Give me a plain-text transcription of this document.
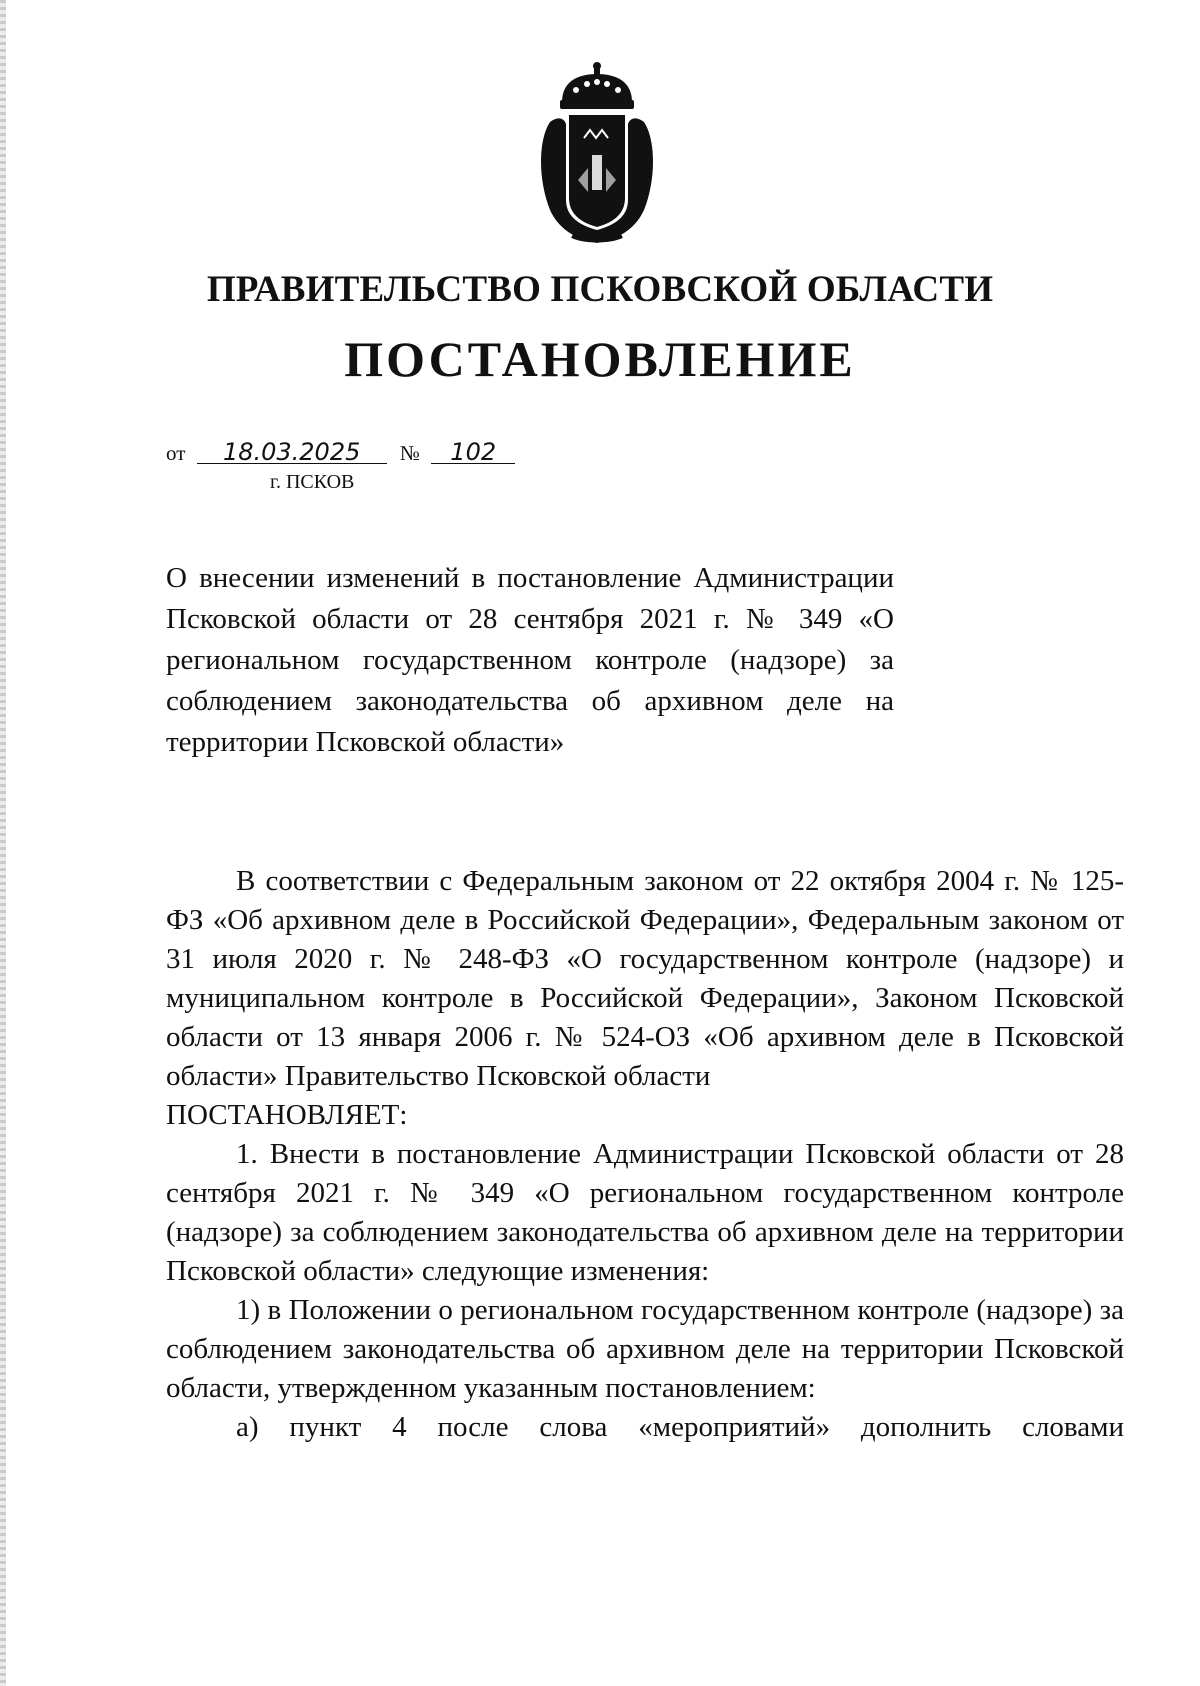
ПРАВИТЕЛЬСТВО ПСКОВСКОЙ ОБЛАСТИ
ПОСТАНОВЛЕНИЕ
от 18.03.2025 № 102
г. ПСКОВ
О внесении изменений в постановление Администрации Псковской области от 28 сентября 2021 г. № 349 «О региональном государственном контроле (надзоре) за соблюдением законодательства об архивном деле на территории Псковской области»

В соответствии с Федеральным законом от 22 октября 2004 г. № 125-ФЗ «Об архивном деле в Российской Федерации», Федеральным законом от 31 июля 2020 г. № 248-ФЗ «О государственном контроле (надзоре) и муниципальном контроле в Российской Федерации», Законом Псковской области от 13 января 2006 г. № 524-ОЗ «Об архивном деле в Псковской области» Правительство Псковской области

ПОСТАНОВЛЯЕТ:

1. Внести в постановление Администрации Псковской области от 28 сентября 2021 г. № 349 «О региональном государственном контроле (надзоре) за соблюдением законодательства об архивном деле на территории Псковской области» следующие изменения:

1) в Положении о региональном государственном контроле (надзоре) за соблюдением законодательства об архивном деле на территории Псковской области, утвержденном указанным постановлением:

а) пункт 4 после слова «мероприятий» дополнить словами
